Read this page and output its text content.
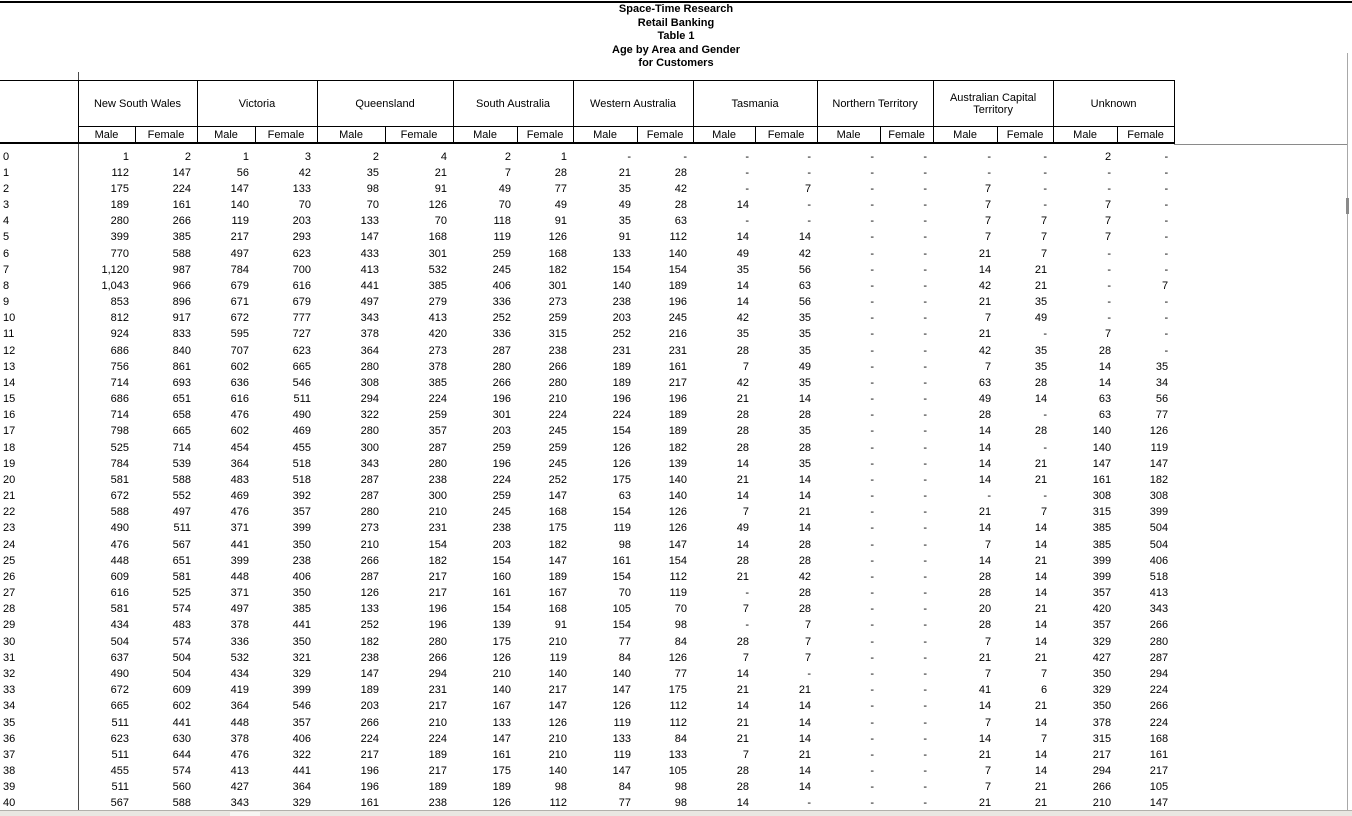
Space-Time Research
Retail Banking
Table 1
Age by Area and Gender
for Customers
	New South Wales		Victoria		Queensland		South Australia		Western Australia		Tasmania		Northern Territory		Australian Capital Territory		Unknown	
	Male	Female	Male	Female	Male	Female	Male	Female	Male	Female	Male	Female	Male	Female	Male	Female	Male	Female

0	1	2	1	3	2	4	2	1	-	-	-	-	-	-	-	-	2	-
1	112	147	56	42	35	21	7	28	21	28	-	-	-	-	-	-	-	-
2	175	224	147	133	98	91	49	77	35	42	-	7	-	-	7	-	-	-
3	189	161	140	70	70	126	70	49	49	28	14	-	-	-	7	-	7	-
4	280	266	119	203	133	70	118	91	35	63	-	-	-	-	7	7	7	-
5	399	385	217	293	147	168	119	126	91	112	14	14	-	-	7	7	7	-
6	770	588	497	623	433	301	259	168	133	140	49	42	-	-	21	7	-	-
7	1,120	987	784	700	413	532	245	182	154	154	35	56	-	-	14	21	-	-
8	1,043	966	679	616	441	385	406	301	140	189	14	63	-	-	42	21	-	7
9	853	896	671	679	497	279	336	273	238	196	14	56	-	-	21	35	-	-
10	812	917	672	777	343	413	252	259	203	245	42	35	-	-	7	49	-	-
11	924	833	595	727	378	420	336	315	252	216	35	35	-	-	21	-	7	-
12	686	840	707	623	364	273	287	238	231	231	28	35	-	-	42	35	28	-
13	756	861	602	665	280	378	280	266	189	161	7	49	-	-	7	35	14	35
14	714	693	636	546	308	385	266	280	189	217	42	35	-	-	63	28	14	34
15	686	651	616	511	294	224	196	210	196	196	21	14	-	-	49	14	63	56
16	714	658	476	490	322	259	301	224	224	189	28	28	-	-	28	-	63	77
17	798	665	602	469	280	357	203	245	154	189	28	35	-	-	14	28	140	126
18	525	714	454	455	300	287	259	259	126	182	28	28	-	-	14	-	140	119
19	784	539	364	518	343	280	196	245	126	139	14	35	-	-	14	21	147	147
20	581	588	483	518	287	238	224	252	175	140	21	14	-	-	14	21	161	182
21	672	552	469	392	287	300	259	147	63	140	14	14	-	-	-	-	308	308
22	588	497	476	357	280	210	245	168	154	126	7	21	-	-	21	7	315	399
23	490	511	371	399	273	231	238	175	119	126	49	14	-	-	14	14	385	504
24	476	567	441	350	210	154	203	182	98	147	14	28	-	-	7	14	385	504
25	448	651	399	238	266	182	154	147	161	154	28	28	-	-	14	21	399	406
26	609	581	448	406	287	217	160	189	154	112	21	42	-	-	28	14	399	518
27	616	525	371	350	126	217	161	167	70	119	-	28	-	-	28	14	357	413
28	581	574	497	385	133	196	154	168	105	70	7	28	-	-	20	21	420	343
29	434	483	378	441	252	196	139	91	154	98	-	7	-	-	28	14	357	266
30	504	574	336	350	182	280	175	210	77	84	28	7	-	-	7	14	329	280
31	637	504	532	321	238	266	126	119	84	126	7	7	-	-	21	21	427	287
32	490	504	434	329	147	294	210	140	140	77	14	-	-	-	7	7	350	294
33	672	609	419	399	189	231	140	217	147	175	21	21	-	-	41	6	329	224
34	665	602	364	546	203	217	167	147	126	112	14	14	-	-	14	21	350	266
35	511	441	448	357	266	210	133	126	119	112	21	14	-	-	7	14	378	224
36	623	630	378	406	224	224	147	210	133	84	21	14	-	-	14	7	315	168
37	511	644	476	322	217	189	161	210	119	133	7	21	-	-	21	14	217	161
38	455	574	413	441	196	217	175	140	147	105	28	14	-	-	7	14	294	217
39	511	560	427	364	196	189	189	98	84	98	28	14	-	-	7	21	266	105
40	567	588	343	329	161	238	126	112	77	98	14	-	-	-	21	21	210	147
